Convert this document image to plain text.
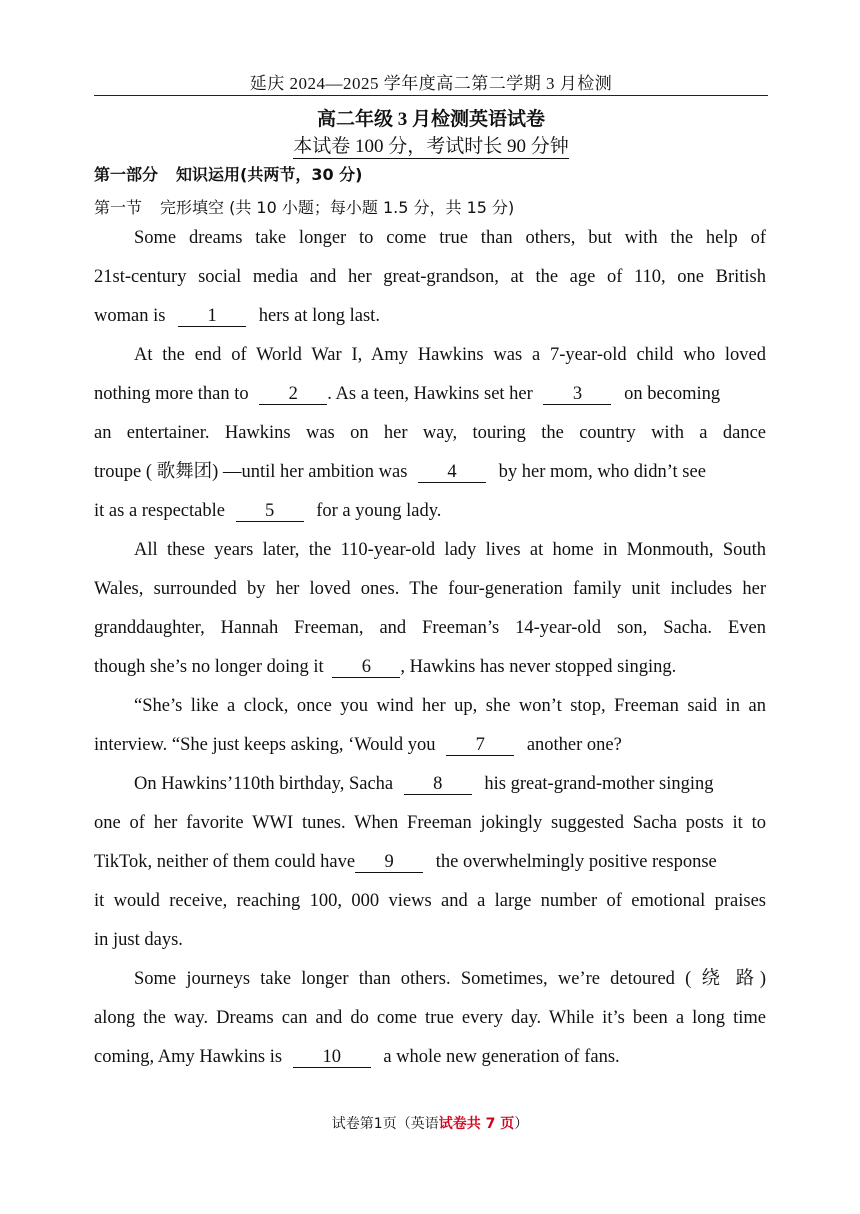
延庆 2024—2025 学年度高二第二学期 3 月检测
高二年级 3 月检测英语试卷
本试卷 100 分，考试时长 90 分钟
第一部分 知识运用(共两节，30 分)
第一节 完形填空 (共 10 小题；每小题 1.5 分，共 15 分)
Some dreams take longer to come true than others, but with the help of
21st-century social media and her great-grandson, at the age of 110, one British
woman is 1 hers at long last.
At the end of World War I, Amy Hawkins was a 7-year-old child who loved
nothing more than to 2 . As a teen, Hawkins set her 3 on becoming
an entertainer. Hawkins was on her way, touring the country with a dance
troupe ( 歌舞团) —until her ambition was 4 by her mom, who didn’t see
it as a respectable 5 for a young lady.
All these years later, the 110-year-old lady lives at home in Monmouth, South
Wales, surrounded by her loved ones. The four-generation family unit includes her
granddaughter, Hannah Freeman, and Freeman’s 14-year-old son, Sacha. Even
though she’s no longer doing it 6 , Hawkins has never stopped singing.
“She’s like a clock, once you wind her up, she won’t stop, Freeman said in an
interview. “She just keeps asking, ‘Would you 7 another one?
On Hawkins’110th birthday, Sacha 8 his great-grand-mother singing
one of her favorite WWI tunes. When Freeman jokingly suggested Sacha posts it to
TikTok, neither of them could have 9 the overwhelmingly positive response
it would receive, reaching 100, 000 views and a large number of emotional praises
in just days.
Some journeys take longer than others. Sometimes, we’re detoured ( 绕 路)
along the way. Dreams can and do come true every day. While it’s been a long time
coming, Amy Hawkins is 10 a whole new generation of fans.
试卷第1页（英语试卷共 7 页）
